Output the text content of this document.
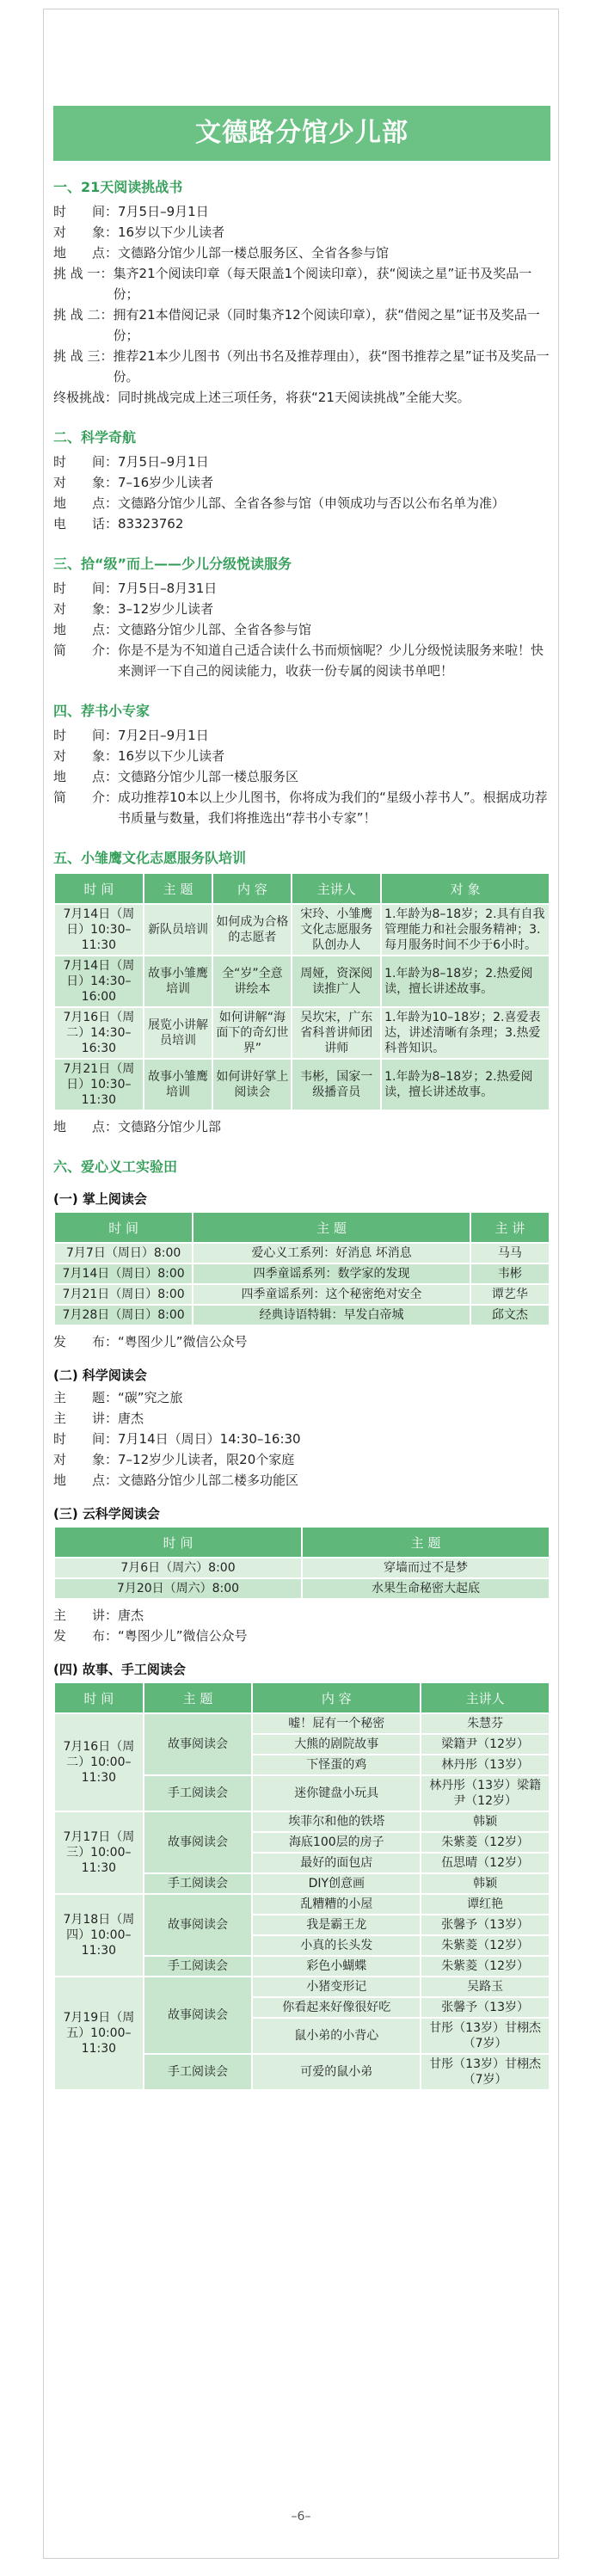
文德路分馆少儿部
一、21天阅读挑战书
时　　间： 7月5日–9月1日
对　　象： 16岁以下少儿读者
地　　点： 文德路分馆少儿部一楼总服务区、全省各参与馆
挑 战 一： 集齐21个阅读印章（每天限盖1个阅读印章），获“阅读之星”证书及奖品一份；
挑 战 二： 拥有21本借阅记录（同时集齐12个阅读印章），获“借阅之星”证书及奖品一份；
挑 战 三： 推荐21本少儿图书（列出书名及推荐理由），获“图书推荐之星”证书及奖品一份。
终极挑战： 同时挑战完成上述三项任务，将获“21天阅读挑战”全能大奖。
二、科学奇航
时　　间： 7月5日–9月1日
对　　象： 7–16岁少儿读者
地　　点： 文德路分馆少儿部、全省各参与馆（申领成功与否以公布名单为准）
电　　话： 83323762
三、拾“级”而上——少儿分级悦读服务
时　　间： 7月5日–8月31日
对　　象： 3–12岁少儿读者
地　　点： 文德路分馆少儿部、全省各参与馆
简　　介： 你是不是为不知道自己适合读什么书而烦恼呢？少儿分级悦读服务来啦！快来测评一下自己的阅读能力，收获一份专属的阅读书单吧！
四、荐书小专家
时　　间： 7月2日–9月1日
对　　象： 16岁以下少儿读者
地　　点： 文德路分馆少儿部一楼总服务区
简　　介： 成功推荐10本以上少儿图书，你将成为我们的“星级小荐书人”。根据成功荐书质量与数量，我们将推选出“荐书小专家”！
五、小雏鹰文化志愿服务队培训
时 间	主 题	内 容	主讲人	对 象
7月14日（周日）10:30–11:30	新队员培训	如何成为合格的志愿者	宋玲、小雏鹰文化志愿服务队创办人	1.年龄为8–18岁；2.具有自我管理能力和社会服务精神；3.每月服务时间不少于6小时。
7月14日（周日）14:30–16:00	故事小雏鹰培训	全“岁”全意讲绘本	周娅，资深阅读推广人	1.年龄为8–18岁；2.热爱阅读，擅长讲述故事。
7月16日（周二）14:30–16:30	展览小讲解员培训	如何讲解“海面下的奇幻世界”	吴坎宋，广东省科普讲师团讲师	1.年龄为10–18岁；2.喜爱表达，讲述清晰有条理；3.热爱科普知识。
7月21日（周日）10:30–11:30	故事小雏鹰培训	如何讲好掌上阅读会	韦彬，国家一级播音员	1.年龄为8–18岁；2.热爱阅读，擅长讲述故事。
地　　点： 文德路分馆少儿部
六、爱心义工实验田
(一) 掌上阅读会
时 间	主 题	主 讲
7月7日（周日）8:00	爱心义工系列：好消息 坏消息	马马
7月14日（周日）8:00	四季童谣系列：数学家的发现	韦彬
7月21日（周日）8:00	四季童谣系列：这个秘密绝对安全	谭艺华
7月28日（周日）8:00	经典诗语特辑：早发白帝城	邱文杰
发　　布： “粤图少儿”微信公众号
(二) 科学阅读会
主　　题： “碳”究之旅
主　　讲： 唐杰
时　　间： 7月14日（周日）14:30–16:30
对　　象： 7–12岁少儿读者，限20个家庭
地　　点： 文德路分馆少儿部二楼多功能区
(三) 云科学阅读会
时 间	主 题
7月6日（周六）8:00	穿墙而过不是梦
7月20日（周六）8:00	水果生命秘密大起底
主　　讲： 唐杰
发　　布： “粤图少儿”微信公众号
(四) 故事、手工阅读会
时 间	主 题	内 容	主讲人
7月16日（周二）10:00–11:30	故事阅读会	嘘！屁有一个秘密	朱慧芬
		大熊的剧院故事	梁籍尹（12岁）
		下怪蛋的鸡	林丹彤（13岁）
	手工阅读会	迷你键盘小玩具	林丹彤（13岁）梁籍尹（12岁）
7月17日（周三）10:00–11:30	故事阅读会	埃菲尔和他的铁塔	韩颖
		海底100层的房子	朱紫菱（12岁）
		最好的面包店	伍思晴（12岁）
	手工阅读会	DIY创意画	韩颖
7月18日（周四）10:00–11:30	故事阅读会	乱糟糟的小屋	谭红艳
		我是霸王龙	张馨予（13岁）
		小真的长头发	朱紫菱（12岁）
	手工阅读会	彩色小蝴蝶	朱紫菱（12岁）
7月19日（周五）10:00–11:30	故事阅读会	小猪变形记	吴路玉
		你看起来好像很好吃	张馨予（13岁）
		鼠小弟的小背心	甘彤（13岁）甘栩杰（7岁）
	手工阅读会	可爱的鼠小弟	甘彤（13岁）甘栩杰（7岁）
–6–
